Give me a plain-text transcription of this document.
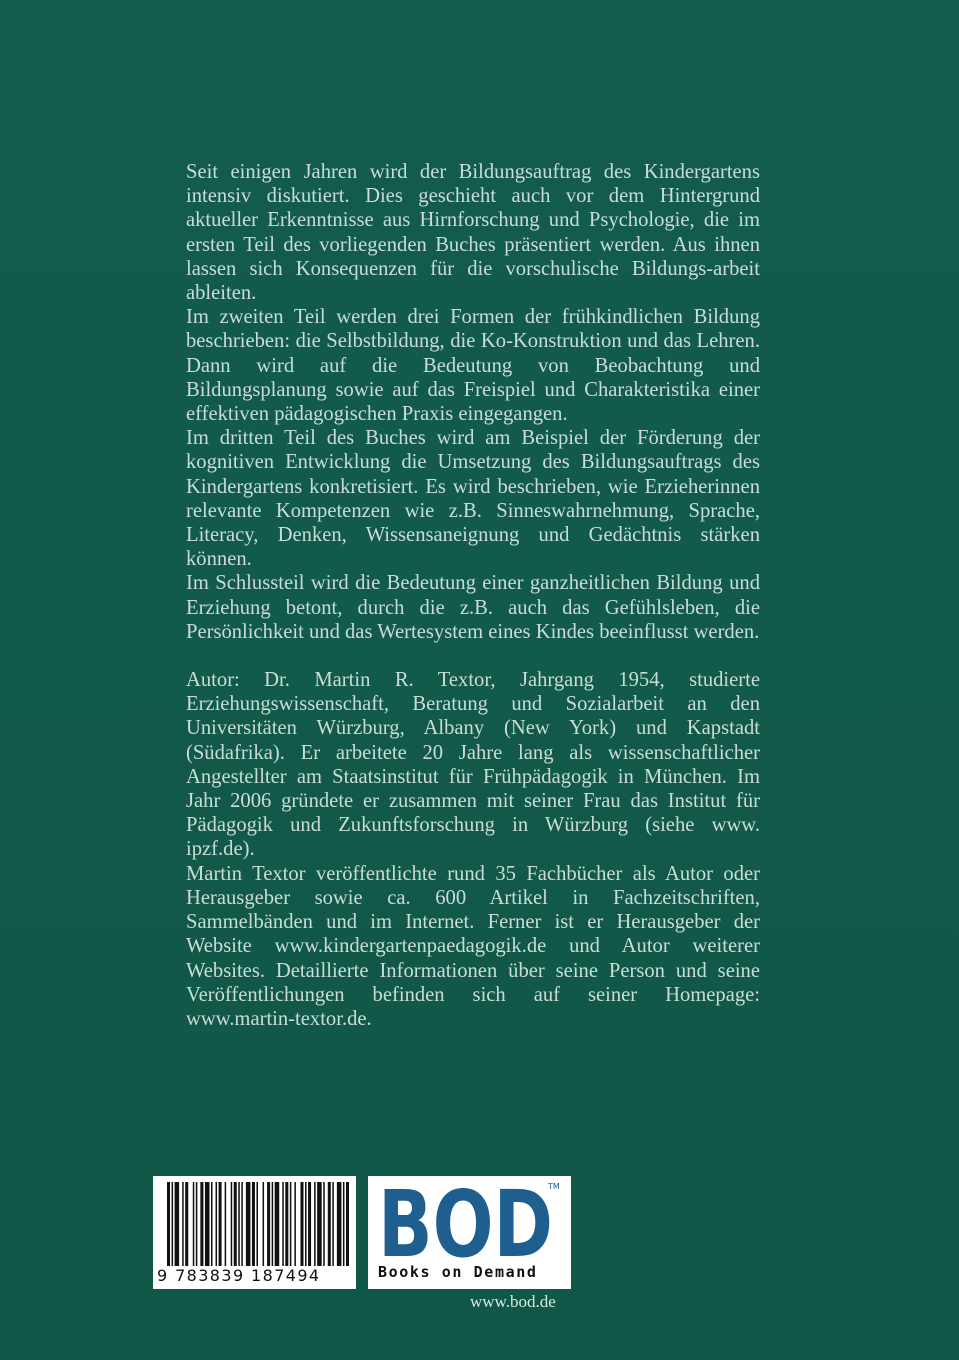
Seit einigen Jahren wird der Bildungsauftrag des Kindergartens intensiv diskutiert. Dies geschieht auch vor dem Hintergrund aktueller Erkenntnisse aus Hirnforschung und Psychologie, die im ersten Teil des vorliegenden Buches präsentiert werden. Aus ihnen lassen sich Konsequenzen für die vorschulische Bildungs-arbeit ableiten.

Im zweiten Teil werden drei Formen der frühkindlichen Bildung beschrieben: die Selbstbildung, die Ko-Konstruktion und das Lehren. Dann wird auf die Bedeutung von Beobachtung und Bildungsplanung sowie auf das Freispiel und Charakteristika einer effektiven pädagogischen Praxis eingegangen.

Im dritten Teil des Buches wird am Beispiel der Förderung der kognitiven Entwicklung die Umsetzung des Bildungsauftrags des Kindergartens konkretisiert. Es wird beschrieben, wie Erzieherinnen relevante Kompetenzen wie z.B. Sinneswahrnehmung, Sprache, Literacy, Denken, Wissensaneignung und Gedächtnis stärken können.

Im Schlussteil wird die Bedeutung einer ganzheitlichen Bildung und Erziehung betont, durch die z.B. auch das Gefühlsleben, die Persönlichkeit und das Wertesystem eines Kindes beeinflusst werden.

Autor: Dr. Martin R. Textor, Jahrgang 1954, studierte Erziehungswissenschaft, Beratung und Sozialarbeit an den Universitäten Würzburg, Albany (New York) und Kapstadt (Südafrika). Er arbeitete 20 Jahre lang als wissenschaftlicher Angestellter am Staatsinstitut für Frühpädagogik in München. Im Jahr 2006 gründete er zusammen mit seiner Frau das Institut für Pädagogik und Zukunftsforschung in Würzburg (siehe www. ipzf.de).

Martin Textor veröffentlichte rund 35 Fachbücher als Autor oder Herausgeber sowie ca. 600 Artikel in Fachzeitschriften, Sammelbänden und im Internet. Ferner ist er Herausgeber der Website www.kindergartenpaedagogik.de und Autor weiterer Websites. Detaillierte Informationen über seine Person und seine Veröffentlichungen befinden sich auf seiner Homepage: www.martin-textor.de.

9 783839 187494 BOD
TM
Books on Demand
www.bod.de
